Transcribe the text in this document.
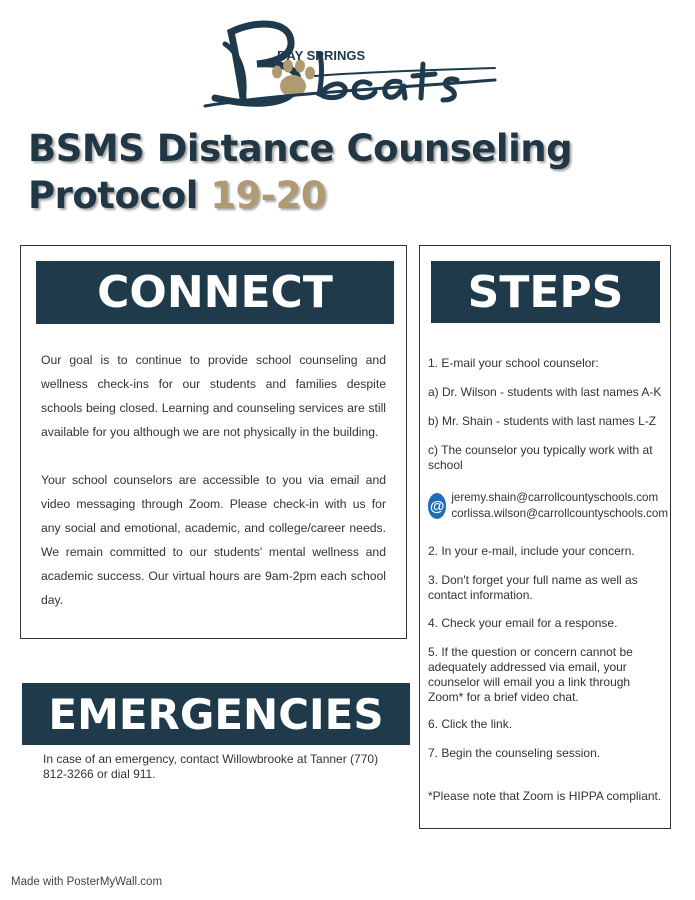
BAY SPRINGS
BSMS Distance Counseling
Protocol 19-20
CONNECT

Our goal is to continue to provide school counseling and wellness check-ins for our students and families despite schools being closed. Learning and counseling services are still available for you although we are not physically in the building.

Your school counselors are accessible to you via email and video messaging through Zoom. Please check-in with us for any social and emotional, academic, and college/career needs. We remain committed to our students' mental wellness and academic success. Our virtual hours are 9am-2pm each school day.

STEPS

1. E-mail your school counselor:

a) Dr. Wilson - students with last names A-K

b) Mr. Shain - students with last names L-Z

c) The counselor you typically work with at school

@ jeremy.shain@carrollcountyschools.com
corlissa.wilson@carrollcountyschools.com

2. In your e-mail, include your concern.

3. Don't forget your full name as well as contact information.

4. Check your email for a response.

5. If the question or concern cannot be adequately addressed via email, your counselor will email you a link through Zoom* for a brief video chat.

6. Click the link.

7. Begin the counseling session.

*Please note that Zoom is HIPPA compliant.

EMERGENCIES
In case of an emergency, contact Willowbrooke at Tanner (770) 812-3266 or dial 911.
Made with PosterMyWall.com
